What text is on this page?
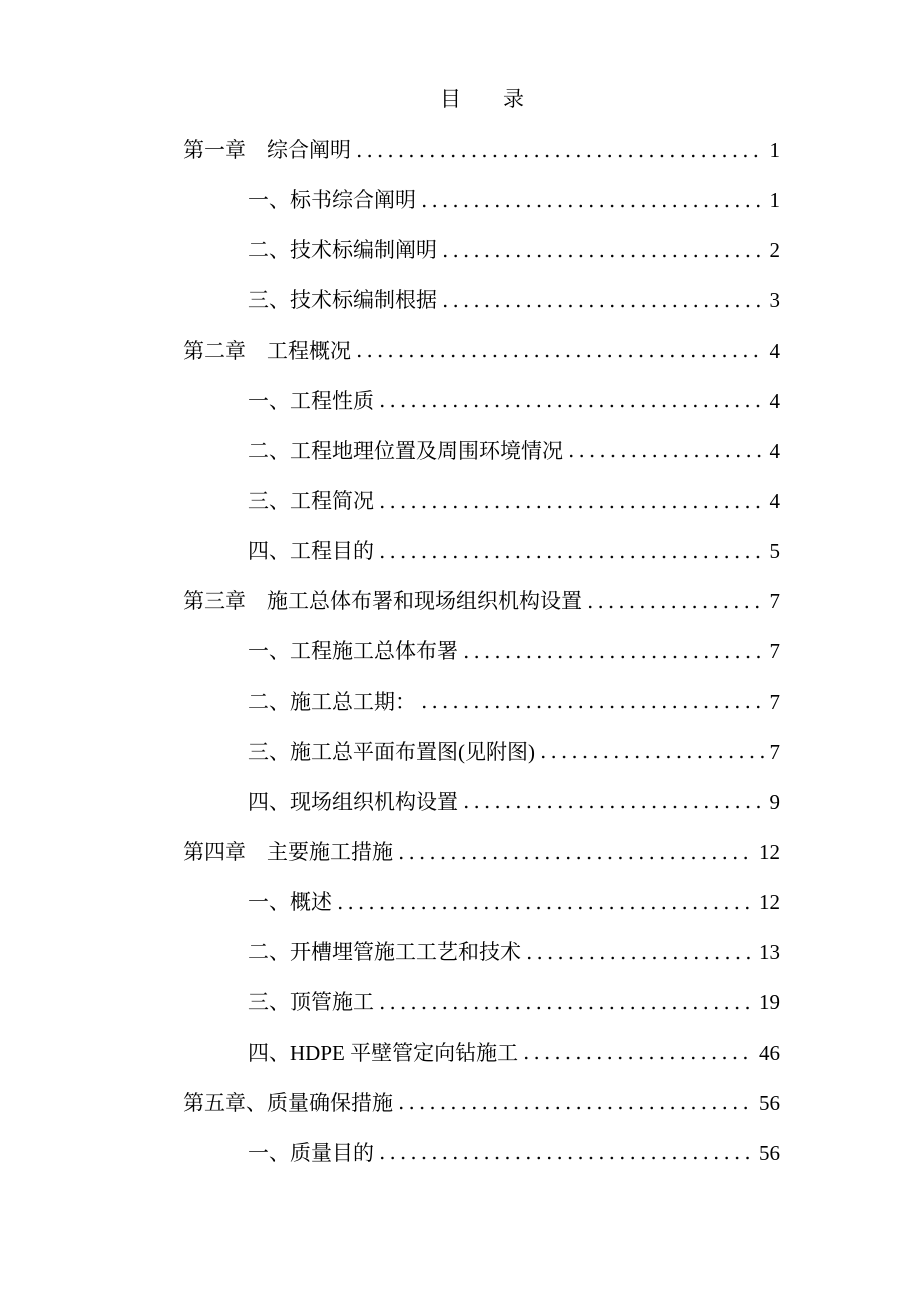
目　　录
第一章　综合阐明	1
一、标书综合阐明	1
二、技术标编制阐明	2
三、技术标编制根据	3
第二章　工程概况	4
一、工程性质	4
二、工程地理位置及周围环境情况	4
三、工程简况	4
四、工程目的	5
第三章　施工总体布署和现场组织机构设置	7
一、工程施工总体布署	7
二、施工总工期：	7
三、施工总平面布置图(见附图)	7
四、现场组织机构设置	9
第四章　主要施工措施	12
一、概述	12
二、开槽埋管施工工艺和技术	13
三、顶管施工	19
四、HDPE 平壁管定向钻施工	46
第五章、质量确保措施	56
一、质量目的	56
